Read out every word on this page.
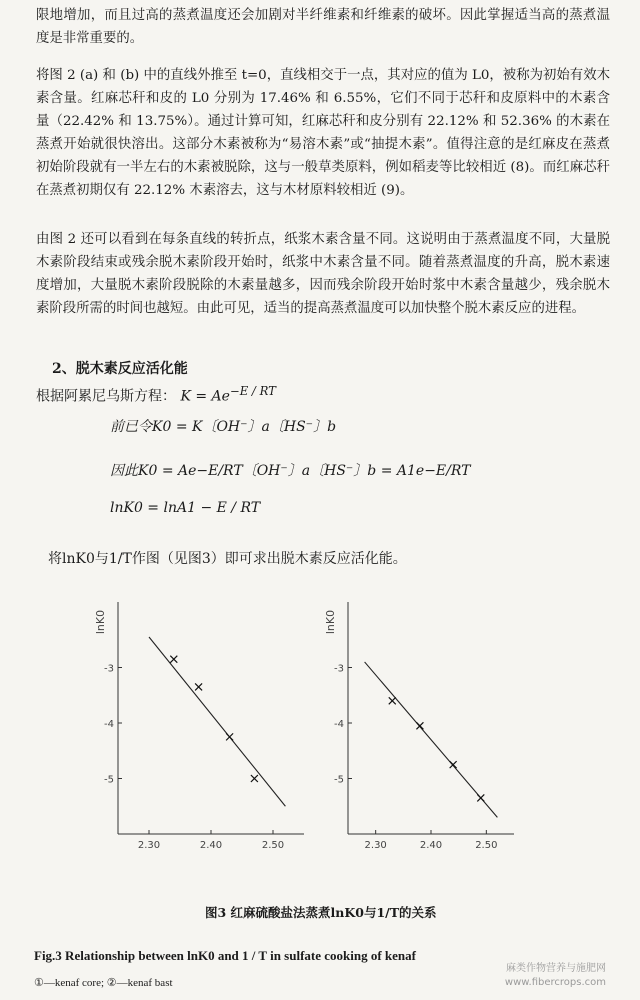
限地增加，而且过高的蒸煮温度还会加剧对半纤维素和纤维素的破坏。因此掌握适当高的蒸煮温度是非常重要的。

将图 2 (a) 和 (b) 中的直线外推至 t=0，直线相交于一点，其对应的值为 L0，被称为初始有效木素含量。红麻芯秆和皮的 L0 分别为 17.46% 和 6.55%，它们不同于芯秆和皮原料中的木素含量（22.42% 和 13.75%）。通过计算可知，红麻芯秆和皮分别有 22.12% 和 52.36% 的木素在蒸煮开始就很快溶出。这部分木素被称为“易溶木素”或“抽提木素”。值得注意的是红麻皮在蒸煮初始阶段就有一半左右的木素被脱除，这与一般草类原料，例如稻麦等比较相近 (8)。而红麻芯秆在蒸煮初期仅有 22.12% 木素溶去，这与木材原料较相近 (9)。

由图 2 还可以看到在每条直线的转折点，纸浆木素含量不同。这说明由于蒸煮温度不同，大量脱木素阶段结束或残余脱木素阶段开始时，纸浆中木素含量不同。随着蒸煮温度的升高，脱木素速度增加，大量脱木素阶段脱除的木素量越多，因而残余阶段开始时浆中木素含量越少，残余脱木素阶段所需的时间也越短。由此可见，适当的提高蒸煮温度可以加快整个脱木素反应的进程。

2、脱木素反应活化能
根据阿累尼乌斯方程： $K = Ae^{-E / RT}$
前已令K0 = K〔OH⁻〕a〔HS⁻〕b
因此K0 = Ae−E/RT〔OH⁻〕a〔HS⁻〕b = A1e−E/RT
lnK0 = lnA1 − E / RT
将lnK0与1/T作图（见图3）即可求出脱木素反应活化能。
lnK0
-3
-4
-5
2.30	2.40	2.50
lnK0
-3
-4
-5
2.30	2.40	2.50
图3 红麻硫酸盐法蒸煮lnK0与1/T的关系
Fig.3 Relationship between lnK0 and 1 / T in sulfate cooking of kenaf
①—kenaf core; ②—kenaf bast
麻类作物营养与施肥网
www.fibercrops.com
